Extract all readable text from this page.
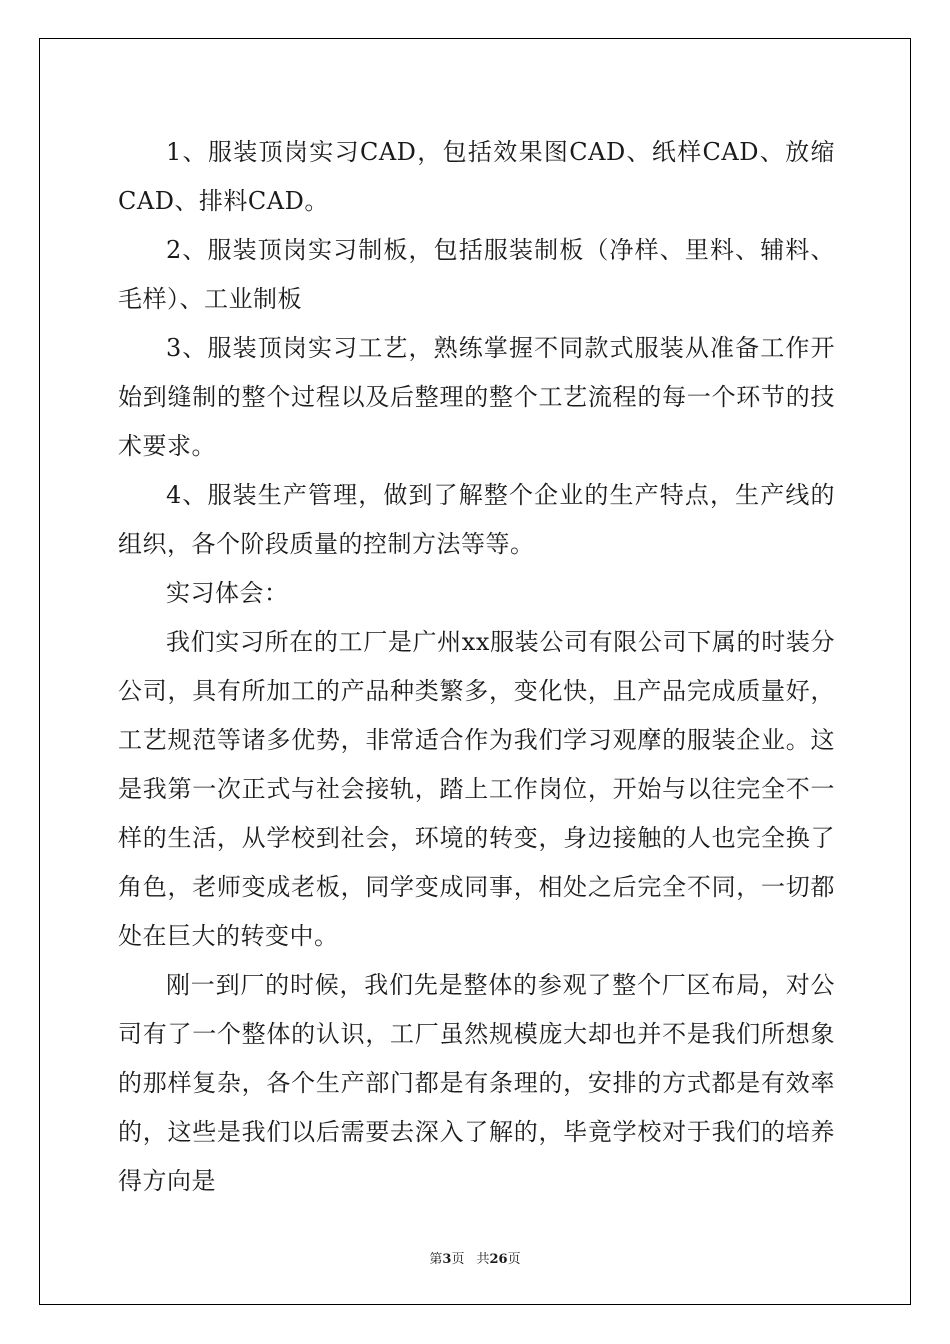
1、服装顶岗实习CAD，包括效果图CAD、纸样CAD、放缩CAD、排料CAD。

2、服装顶岗实习制板，包括服装制板（净样、里料、辅料、毛样）、工业制板

3、服装顶岗实习工艺，熟练掌握不同款式服装从准备工作开始到缝制的整个过程以及后整理的整个工艺流程的每一个环节的技术要求。

4、服装生产管理，做到了解整个企业的生产特点，生产线的组织，各个阶段质量的控制方法等等。

实习体会：

我们实习所在的工厂是广州xx服装公司有限公司下属的时装分公司，具有所加工的产品种类繁多，变化快，且产品完成质量好，工艺规范等诸多优势，非常适合作为我们学习观摩的服装企业。这是我第一次正式与社会接轨，踏上工作岗位，开始与以往完全不一样的生活，从学校到社会，环境的转变，身边接触的人也完全换了角色，老师变成老板，同学变成同事，相处之后完全不同，一切都处在巨大的转变中。

刚一到厂的时候，我们先是整体的参观了整个厂区布局，对公司有了一个整体的认识，工厂虽然规模庞大却也并不是我们所想象的那样复杂，各个生产部门都是有条理的，安排的方式都是有效率的，这些是我们以后需要去深入了解的，毕竟学校对于我们的培养得方向是

第3页 共26页
